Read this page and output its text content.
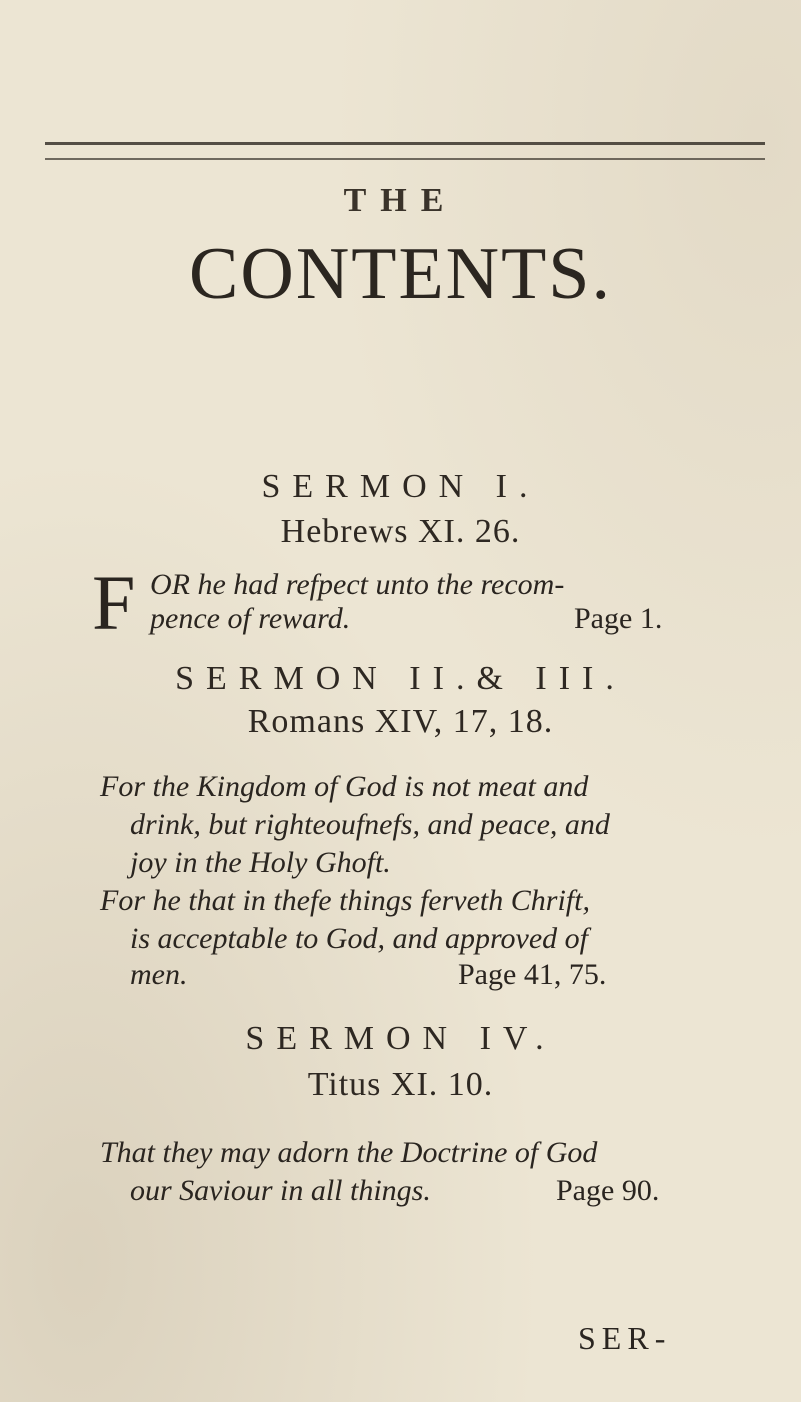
THE
CONTENTS.
SERMON I.
Hebrews XI. 26.
F OR he had refpect unto the recom-
pence of reward.	Page 1.
SERMON II.& III.
Romans XIV, 17, 18.
For the Kingdom of God is not meat and
drink, but righteoufnefs, and peace, and
joy in the Holy Ghoft.
For he that in thefe things ferveth Chrift,
is acceptable to God, and approved of
men.	Page 41, 75.
SERMON IV.
Titus XI. 10.
That they may adorn the Doctrine of God
our Saviour in all things.	Page 90.
SER-
